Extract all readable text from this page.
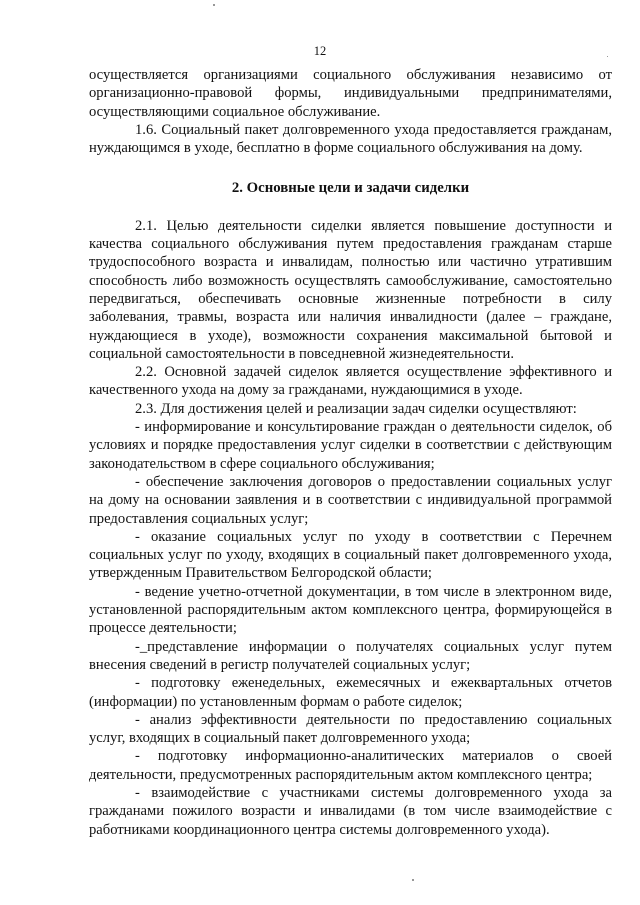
12

осуществляется организациями социального обслуживания независимо от организационно-правовой формы, индивидуальными предпринимателями, осуществляющими социальное обслуживание.

1.6. Социальный пакет долговременного ухода предоставляется гражданам, нуждающимся в уходе, бесплатно в форме социального обслуживания на дому.

2. Основные цели и задачи сиделки

2.1. Целью деятельности сиделки является повышение доступности и качества социального обслуживания путем предоставления гражданам старше трудоспособного возраста и инвалидам, полностью или частично утратившим способность либо возможность осуществлять самообслуживание, самостоятельно передвигаться, обеспечивать основные жизненные потребности в силу заболевания, травмы, возраста или наличия инвалидности (далее – граждане, нуждающиеся в уходе), возможности сохранения максимальной бытовой и социальной самостоятельности в повседневной жизнедеятельности.

2.2. Основной задачей сиделок является осуществление эффективного и качественного ухода на дому за гражданами, нуждающимися в уходе.

2.3. Для достижения целей и реализации задач сиделки осуществляют:

- информирование и консультирование граждан о деятельности сиделок, об условиях и порядке предоставления услуг сиделки в соответствии с действующим законодательством в сфере социального обслуживания;

- обеспечение заключения договоров о предоставлении социальных услуг на дому на основании заявления и в соответствии с индивидуальной программой предоставления социальных услуг;

- оказание социальных услуг по уходу в соответствии с Перечнем социальных услуг по уходу, входящих в социальный пакет долговременного ухода, утвержденным Правительством Белгородской области;

- ведение учетно-отчетной документации, в том числе в электронном виде, установленной распорядительным актом комплексного центра, формирующейся в процессе деятельности;

-_представление информации о получателях социальных услуг путем внесения сведений в регистр получателей социальных услуг;

- подготовку еженедельных, ежемесячных и ежеквартальных отчетов (информации) по установленным формам о работе сиделок;

- анализ эффективности деятельности по предоставлению социальных услуг, входящих в социальный пакет долговременного ухода;

- подготовку информационно-аналитических материалов о своей деятельности, предусмотренных распорядительным актом комплексного центра;

- взаимодействие с участниками системы долговременного ухода за гражданами пожилого возрасти и инвалидами (в том числе взаимодействие с работниками координационного центра системы долговременного ухода).
